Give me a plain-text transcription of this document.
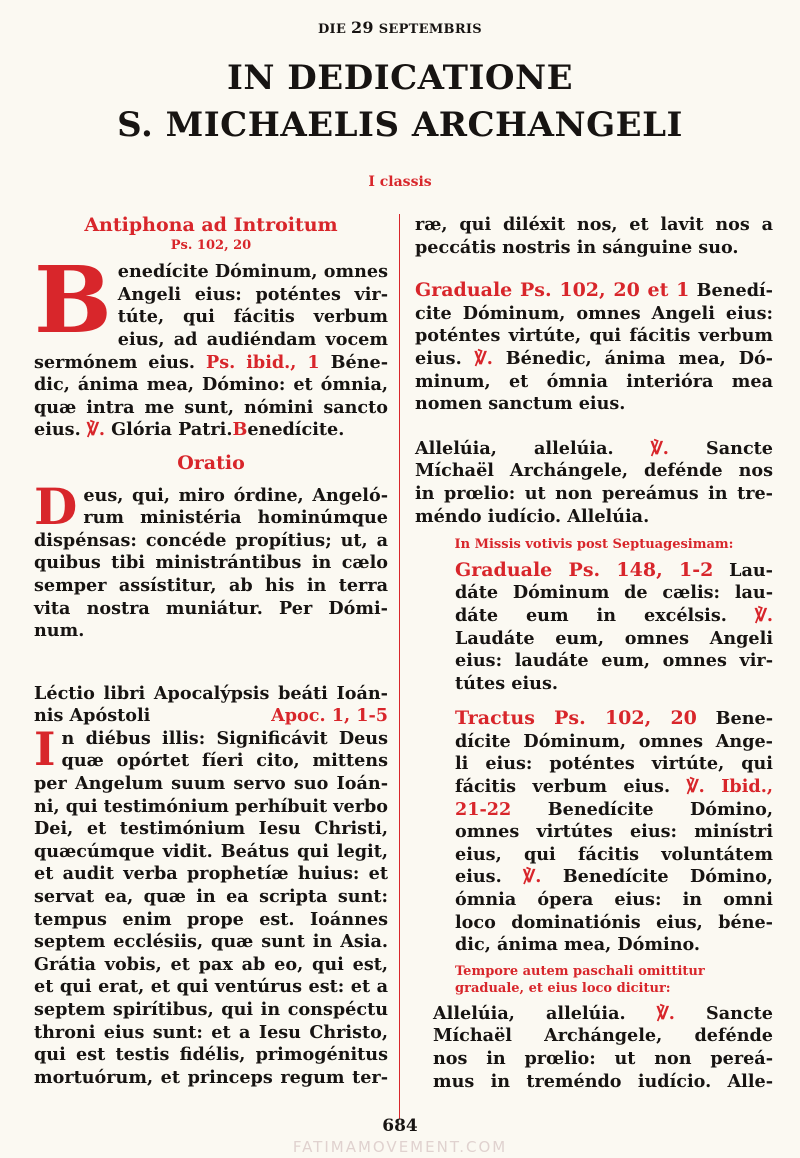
DIE 29 SEPTEMBRIS
IN DEDICATIONE
S. MICHAELIS ARCHANGELI
I classis
Antiphona ad Introitum
Ps. 102, 20
B enedícite Dóminum, omnes
Angeli eius: poténtes vir-
tútе, qui fácitis verbum
eius, ad audiéndam vocem
sermónem eius. Ps. ibid., 1 Béne-
dic, ánima mea, Dómino: et ómnia,
quæ intra me sunt, nómini sancto
eius. ℣. Glória Patri.Benedícite.
Oratio
D eus, qui, miro órdine, Angeló-
rum ministéria hominúmque
dispénsas: concéde propítius; ut, a
quibus tibi ministrántibus in cælo
semper assístitur, ab his in terra
vita nostra muniátur. Per Dómi-
num.
Léctio libri Apocalýpsis beáti Ioán-
nis Apóstoli	Apoc. 1, 1-5
I n diébus illis: Significávit Deus
quæ opórtet fíeri cito, mittens
per Angelum suum servo suo Ioán-
ni, qui testimónium perhíbuit verbo
Dei, et testimónium Iesu Christi,
quæcúmque vidit. Beátus qui legit,
et audit verba prophetíæ huius: et
servat ea, quæ in ea scripta sunt:
tempus enim prope est. Ioánnes
septem ecclésiis, quæ sunt in Asia.
Grátia vobis, et pax ab eo, qui est,
et qui erat, et qui ventúrus est: et a
septem spirítibus, qui in conspéctu
throni eius sunt: et a Iesu Christo,
qui est testis fidélis, primogénitus
mortuórum, et princeps regum ter-
ræ, qui diléxit nos, et lavit nos a
peccátis nostris in sánguine suo.
Graduale Ps. 102, 20 et 1 Benedí-
cite Dóminum, omnes Angeli eius:
poténtes virtúte, qui fácitis verbum
eius. ℣. Bénedic, ánima mea, Dó-
minum, et ómnia interióra mea
nomen sanctum eius.
Allelúia, allelúia. ℣. Sancte
Míchaël Archángele, defénde nos
in prœlio: ut non pereámus in tre-
méndo iudício. Allelúia.
In Missis votivis post Septuagesimam:
Graduale Ps. 148, 1-2 Lau-
dáte Dóminum de cælis: lau-
dáte eum in excélsis. ℣.
Laudáte eum, omnes Angeli
eius: laudáte eum, omnes vir-
tútes eius.
Tractus Ps. 102, 20 Bene-
dícite Dóminum, omnes Ange-
li eius: poténtes virtúte, qui
fácitis verbum eius. ℣. Ibid.,
21-22 Benedícite Dómino,
omnes virtútes eius: minístri
eius, qui fácitis voluntátem
eius. ℣. Benedícite Dómino,
ómnia ópera eius: in omni
loco dominatiónis eius, béne-
dic, ánima mea, Dómino.
Tempore autem paschali omittitur
graduale, et eius loco dicitur:
Allelúia, allelúia. ℣. Sancte
Míchaël Archángele, defénde
nos in prœlio: ut non pereá-
mus in treméndo iudício. Alle-
684
FATIMAMOVEMENT.COM
